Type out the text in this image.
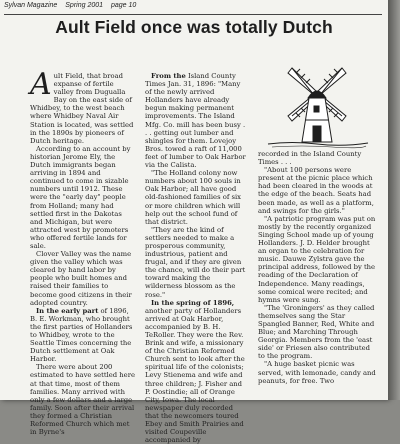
Sylvan Magazine Spring 2001 page 10
Ault Field once was totally Dutch

Ault Field, that broad expanse of fertile valley from Dugualla Bay on the east side of Whidbey, to the west beach where Whidbey Naval Air Station is located, was settled in the 1890s by pioneers of Dutch heritage.

According to an account by historian Jerome Ely, the Dutch immigrants began arriving in 1894 and continued to come in sizable numbers until 1912. These were the "early day" people from Holland; many had settled first in the Dakotas and Michigan, but were attracted west by promoters who offered fertile lands for sale.

Clover Valley was the name given the valley which was cleared by hand labor by people who built homes and raised their families to become good citizens in their adopted country.

In the early part of 1896, B. E. Workman, who brought the first parties of Hollanders to Whidbey, wrote to the Seattle Times concerning the Dutch settlement at Oak Harbor.

There were about 200 estimated to have settled here at that time, most of them families. Many arrived with only a few dollars and a large family. Soon after their arrival they formed a Christian Reformed Church which met in Byrne's

From the Island County Times Jan. 31, 1896: "Many of the newly arrived Hollanders have already begun making permanent improvements. The Island Mfg. Co. mill has been busy . . . getting out lumber and shingles for them. Lovejoy Bros. towed a raft of 11,000 feet of lumber to Oak Harbor via the Calista.

"The Holland colony now numbers about 100 souls in Oak Harbor; all have good old-fashioned families of six or more children which will help out the school fund of that district.

"They are the kind of settlers needed to make a prosperous community, industrious, patient and frugal, and if they are given the chance, will do their part toward making the wilderness blossom as the rose."

In the spring of 1896, another party of Hollanders arrived at Oak Harbor, accompanied by B. H. TeRoller. They were the Rev. Brink and wife, a missionary of the Christian Reformed Church sent to look after the spiritual life of the colonists; Levy Stienema and wife and three children; J. Fisher and P. Oostindie; all of Orange City, Iowa. The local newspaper duly recorded that the newcomers toured Ebey and Smith Prairies and visited Coupeville accompanied by

recorded in the Island County Times . . .

"About 100 persons were present at the picnic place which had been cleared in the woods at the edge of the beach. Seats had been made, as well as a platform, and swings for the girls."

"A patriotic program was put on mostly by the recently organized Singing School made up of young Hollanders. J. D. Helder brought an organ to the celebration for music. Dauwe Zylstra gave the principal address, followed by the reading of the Declaration of Independence. Many readings, some comical were recited; and hymns were sung.

"The 'Groningers' as they called themselves sang the Star Spangled Banner, Red, White and Blue; and Marching Through Georgia. Members from the 'east side' or Friesen also contributed to the program.

"A huge basket picnic was served, with lemonade, candy and peanuts, for free. Two
